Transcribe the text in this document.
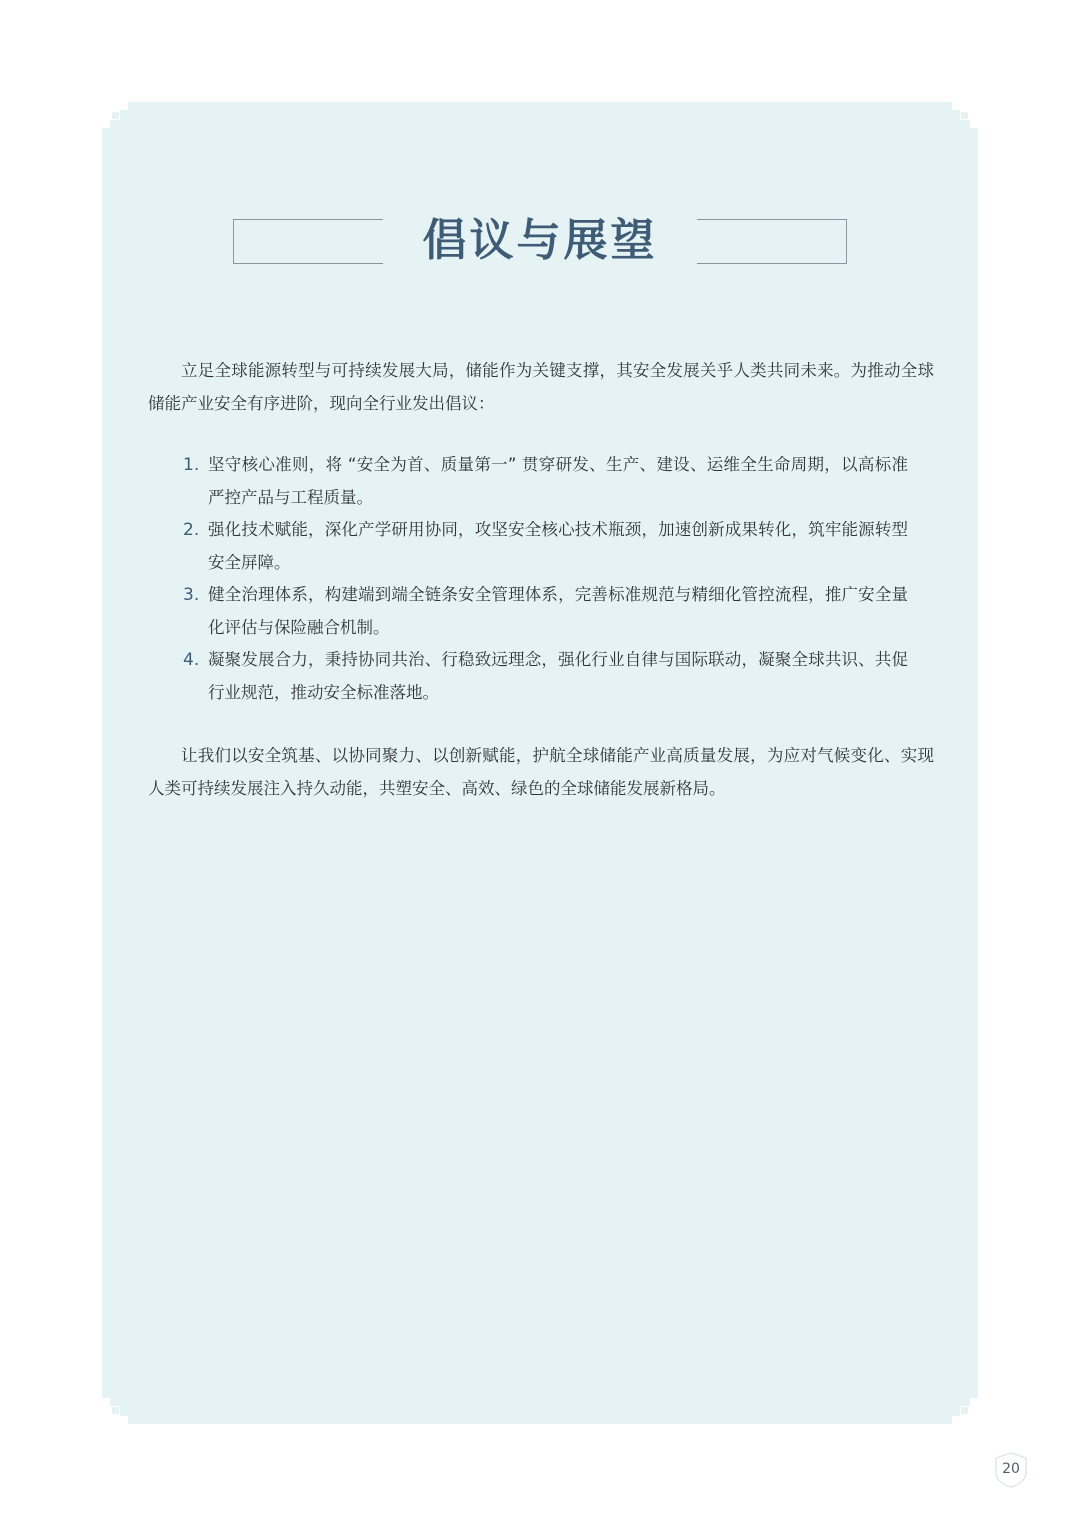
倡议与展望

立足全球能源转型与可持续发展大局，储能作为关键支撑，其安全发展关乎人类共同未来。为推动全球储能产业安全有序进阶，现向全行业发出倡议：

1. 坚守核心准则，将 “安全为首、质量第一” 贯穿研发、生产、建设、运维全生命周期，以高标准严控产品与工程质量。
2. 强化技术赋能，深化产学研用协同，攻坚安全核心技术瓶颈，加速创新成果转化，筑牢能源转型安全屏障。
3. 健全治理体系，构建端到端全链条安全管理体系，完善标准规范与精细化管控流程，推广安全量化评估与保险融合机制。
4. 凝聚发展合力，秉持协同共治、行稳致远理念，强化行业自律与国际联动，凝聚全球共识、共促行业规范，推动安全标准落地。

让我们以安全筑基、以协同聚力、以创新赋能，护航全球储能产业高质量发展，为应对气候变化、实现人类可持续发展注入持久动能，共塑安全、高效、绿色的全球储能发展新格局。

20
